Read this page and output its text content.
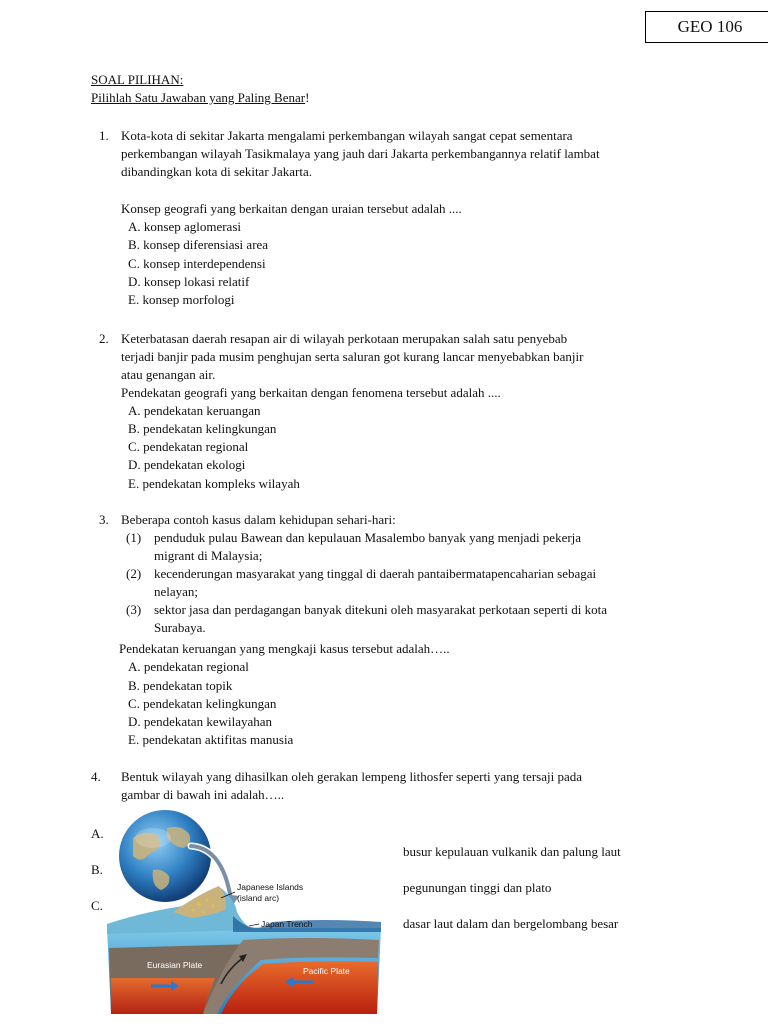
GEO 106
SOAL PILIHAN:
Pilihlah Satu Jawaban yang Paling Benar!
1. Kota-kota di sekitar Jakarta mengalami perkembangan wilayah sangat cepat sementara
perkembangan wilayah Tasikmalaya yang jauh dari Jakarta perkembangannya relatif lambat
dibandingkan kota di sekitar Jakarta.
Konsep geografi yang berkaitan dengan uraian tersebut adalah ....
A. konsep aglomerasi
B. konsep diferensiasi area
C. konsep interdependensi
D. konsep lokasi relatif
E. konsep morfologi
2. Keterbatasan daerah resapan air di wilayah perkotaan merupakan salah satu penyebab
terjadi banjir pada musim penghujan serta saluran got kurang lancar menyebabkan banjir
atau genangan air.
Pendekatan geografi yang berkaitan dengan fenomena tersebut adalah ....
A. pendekatan keruangan
B. pendekatan kelingkungan
C. pendekatan regional
D. pendekatan ekologi
E. pendekatan kompleks wilayah
3. Beberapa contoh kasus dalam kehidupan sehari-hari:
(1) penduduk pulau Bawean dan kepulauan Masalembo banyak yang menjadi pekerja
migrant di Malaysia;
(2) kecenderungan masyarakat yang tinggal di daerah pantaibermatapencaharian sebagai
nelayan;
(3) sektor jasa dan perdagangan banyak ditekuni oleh masyarakat perkotaan seperti di kota
Surabaya.
Pendekatan keruangan yang mengkaji kasus tersebut adalah…..
A. pendekatan regional
B. pendekatan topik
C. pendekatan kelingkungan
D. pendekatan kewilayahan
E. pendekatan aktifitas manusia
4. Bentuk wilayah yang dihasilkan oleh gerakan lempeng lithosfer seperti yang tersaji pada
gambar di bawah ini adalah…..
A.
B.
C.
busur kepulauan vulkanik dan palung laut
pegunungan tinggi dan plato
dasar laut dalam dan bergelombang besar
Japanese Islands
(island arc)
Japan Trench
Eurasian Plate
Pacific Plate
